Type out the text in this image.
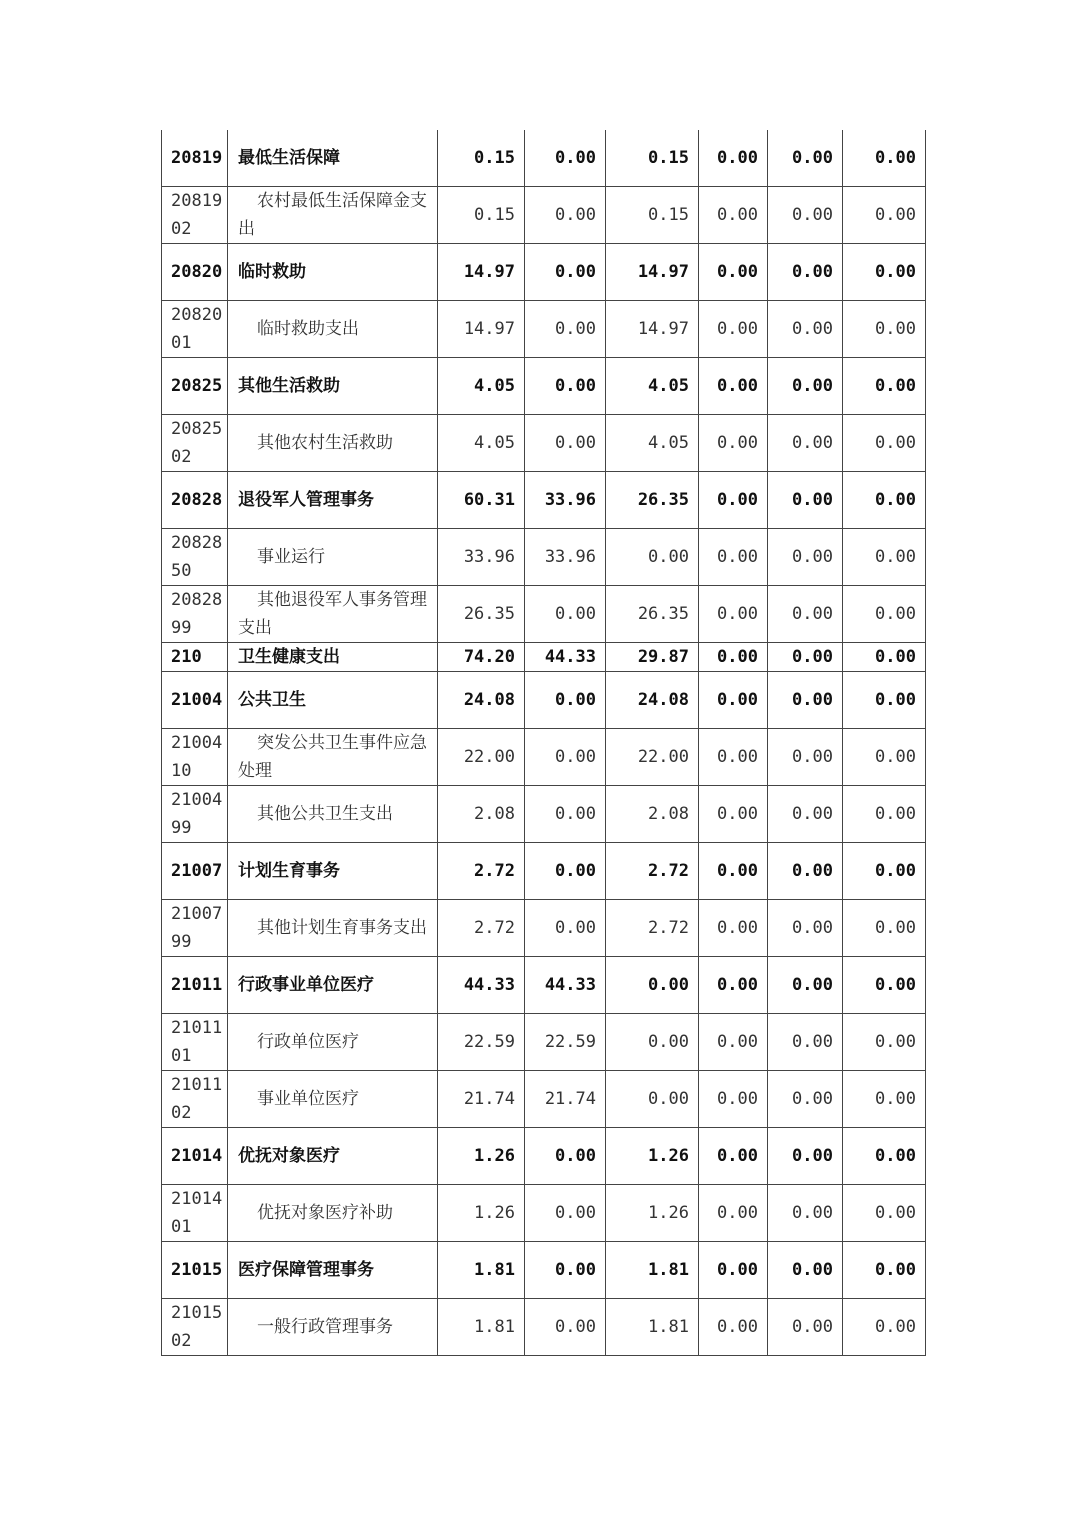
20819	最低生活保障	0.15	0.00	0.15	0.00	0.00	0.00
2081902	农村最低生活保障金支出	0.15	0.00	0.15	0.00	0.00	0.00
20820	临时救助	14.97	0.00	14.97	0.00	0.00	0.00
2082001	临时救助支出	14.97	0.00	14.97	0.00	0.00	0.00
20825	其他生活救助	4.05	0.00	4.05	0.00	0.00	0.00
2082502	其他农村生活救助	4.05	0.00	4.05	0.00	0.00	0.00
20828	退役军人管理事务	60.31	33.96	26.35	0.00	0.00	0.00
2082850	事业运行	33.96	33.96	0.00	0.00	0.00	0.00
2082899	其他退役军人事务管理支出	26.35	0.00	26.35	0.00	0.00	0.00
210	卫生健康支出	74.20	44.33	29.87	0.00	0.00	0.00
21004	公共卫生	24.08	0.00	24.08	0.00	0.00	0.00
2100410	突发公共卫生事件应急处理	22.00	0.00	22.00	0.00	0.00	0.00
2100499	其他公共卫生支出	2.08	0.00	2.08	0.00	0.00	0.00
21007	计划生育事务	2.72	0.00	2.72	0.00	0.00	0.00
2100799	其他计划生育事务支出	2.72	0.00	2.72	0.00	0.00	0.00
21011	行政事业单位医疗	44.33	44.33	0.00	0.00	0.00	0.00
2101101	行政单位医疗	22.59	22.59	0.00	0.00	0.00	0.00
2101102	事业单位医疗	21.74	21.74	0.00	0.00	0.00	0.00
21014	优抚对象医疗	1.26	0.00	1.26	0.00	0.00	0.00
2101401	优抚对象医疗补助	1.26	0.00	1.26	0.00	0.00	0.00
21015	医疗保障管理事务	1.81	0.00	1.81	0.00	0.00	0.00
2101502	一般行政管理事务	1.81	0.00	1.81	0.00	0.00	0.00
